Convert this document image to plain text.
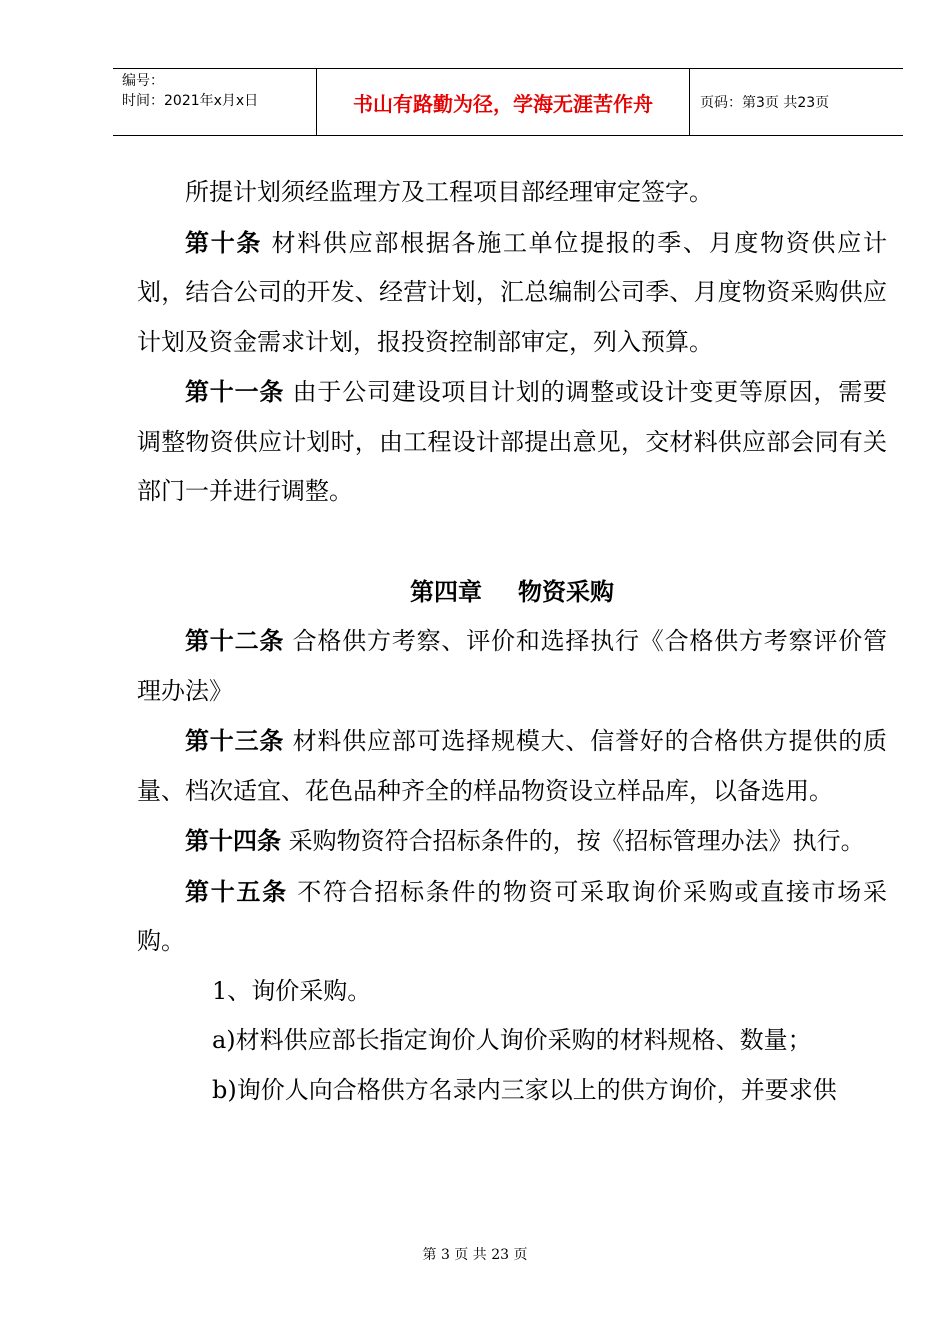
编号：
时间：2021年x月x日	书山有路勤为径，学海无涯苦作舟	页码：第3页 共23页

所提计划须经监理方及工程项目部经理审定签字。

第十条 材料供应部根据各施工单位提报的季、月度物资供应计划，结合公司的开发、经营计划，汇总编制公司季、月度物资采购供应计划及资金需求计划，报投资控制部审定，列入预算。

第十一条 由于公司建设项目计划的调整或设计变更等原因，需要调整物资供应计划时，由工程设计部提出意见，交材料供应部会同有关部门一并进行调整。

第四章 物资采购

第十二条 合格供方考察、评价和选择执行《合格供方考察评价管理办法》

第十三条 材料供应部可选择规模大、信誉好的合格供方提供的质量、档次适宜、花色品种齐全的样品物资设立样品库，以备选用。

第十四条 采购物资符合招标条件的，按《招标管理办法》执行。

第十五条 不符合招标条件的物资可采取询价采购或直接市场采购。

1、询价采购。

a)材料供应部长指定询价人询价采购的材料规格、数量；

b)询价人向合格供方名录内三家以上的供方询价，并要求供

第 3 页 共 23 页
